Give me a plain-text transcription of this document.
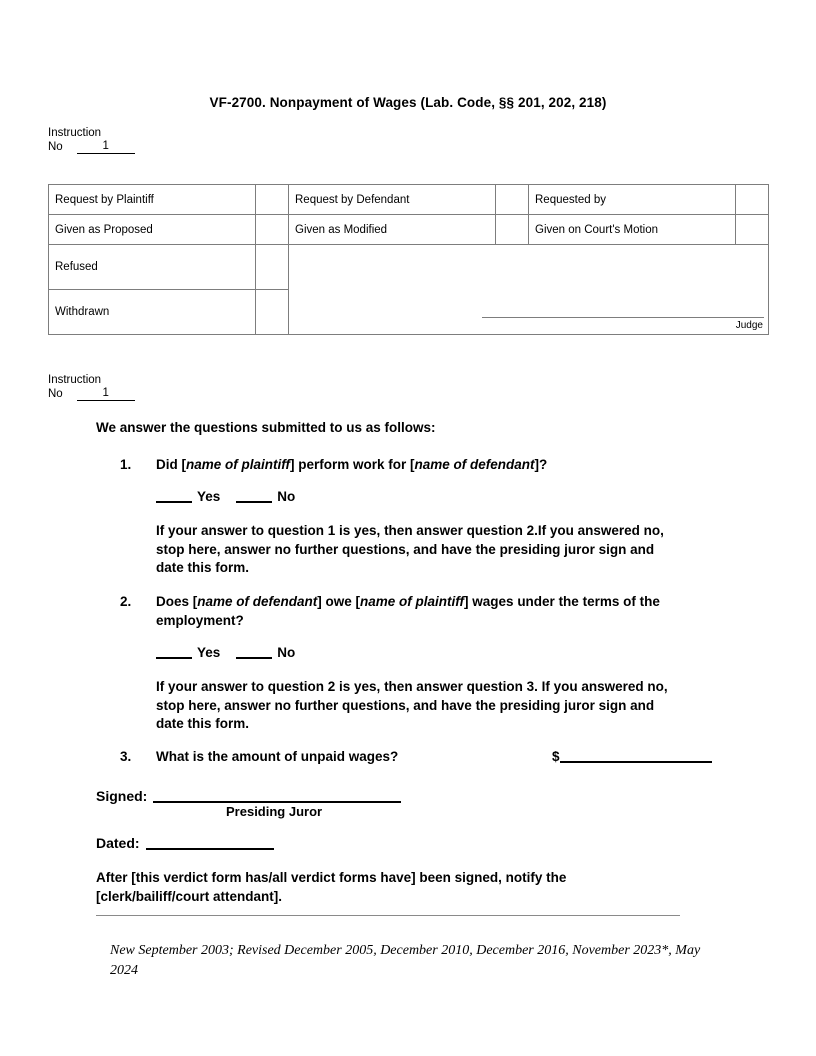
VF-2700. Nonpayment of Wages (Lab. Code, §§ 201, 202, 218)
Instruction
No	1
Request by Plaintiff		Request by Defendant		Requested by	
Given as Proposed		Given as Modified		Given on Court's Motion	
Refused		Judge			

Withdrawn					
Instruction
No	1
We answer the questions submitted to us as follows:
1.	Did [name of plaintiff] perform work for [name of defendant]?
Yes	No
If your answer to question 1 is yes, then answer question 2.If you answered no, stop here, answer no further questions, and have the presiding juror sign and date this form.
2.	Does [name of defendant] owe [name of plaintiff] wages under the terms of the employment?
Yes	No
If your answer to question 2 is yes, then answer question 3. If you answered no, stop here, answer no further questions, and have the presiding juror sign and date this form.
3.	What is the amount of unpaid wages?	$
Signed:
Presiding Juror
Dated:
After [this verdict form has/all verdict forms have] been signed, notify the [clerk/bailiff/court attendant].
New September 2003; Revised December 2005, December 2010, December 2016, November 2023*, May 2024
